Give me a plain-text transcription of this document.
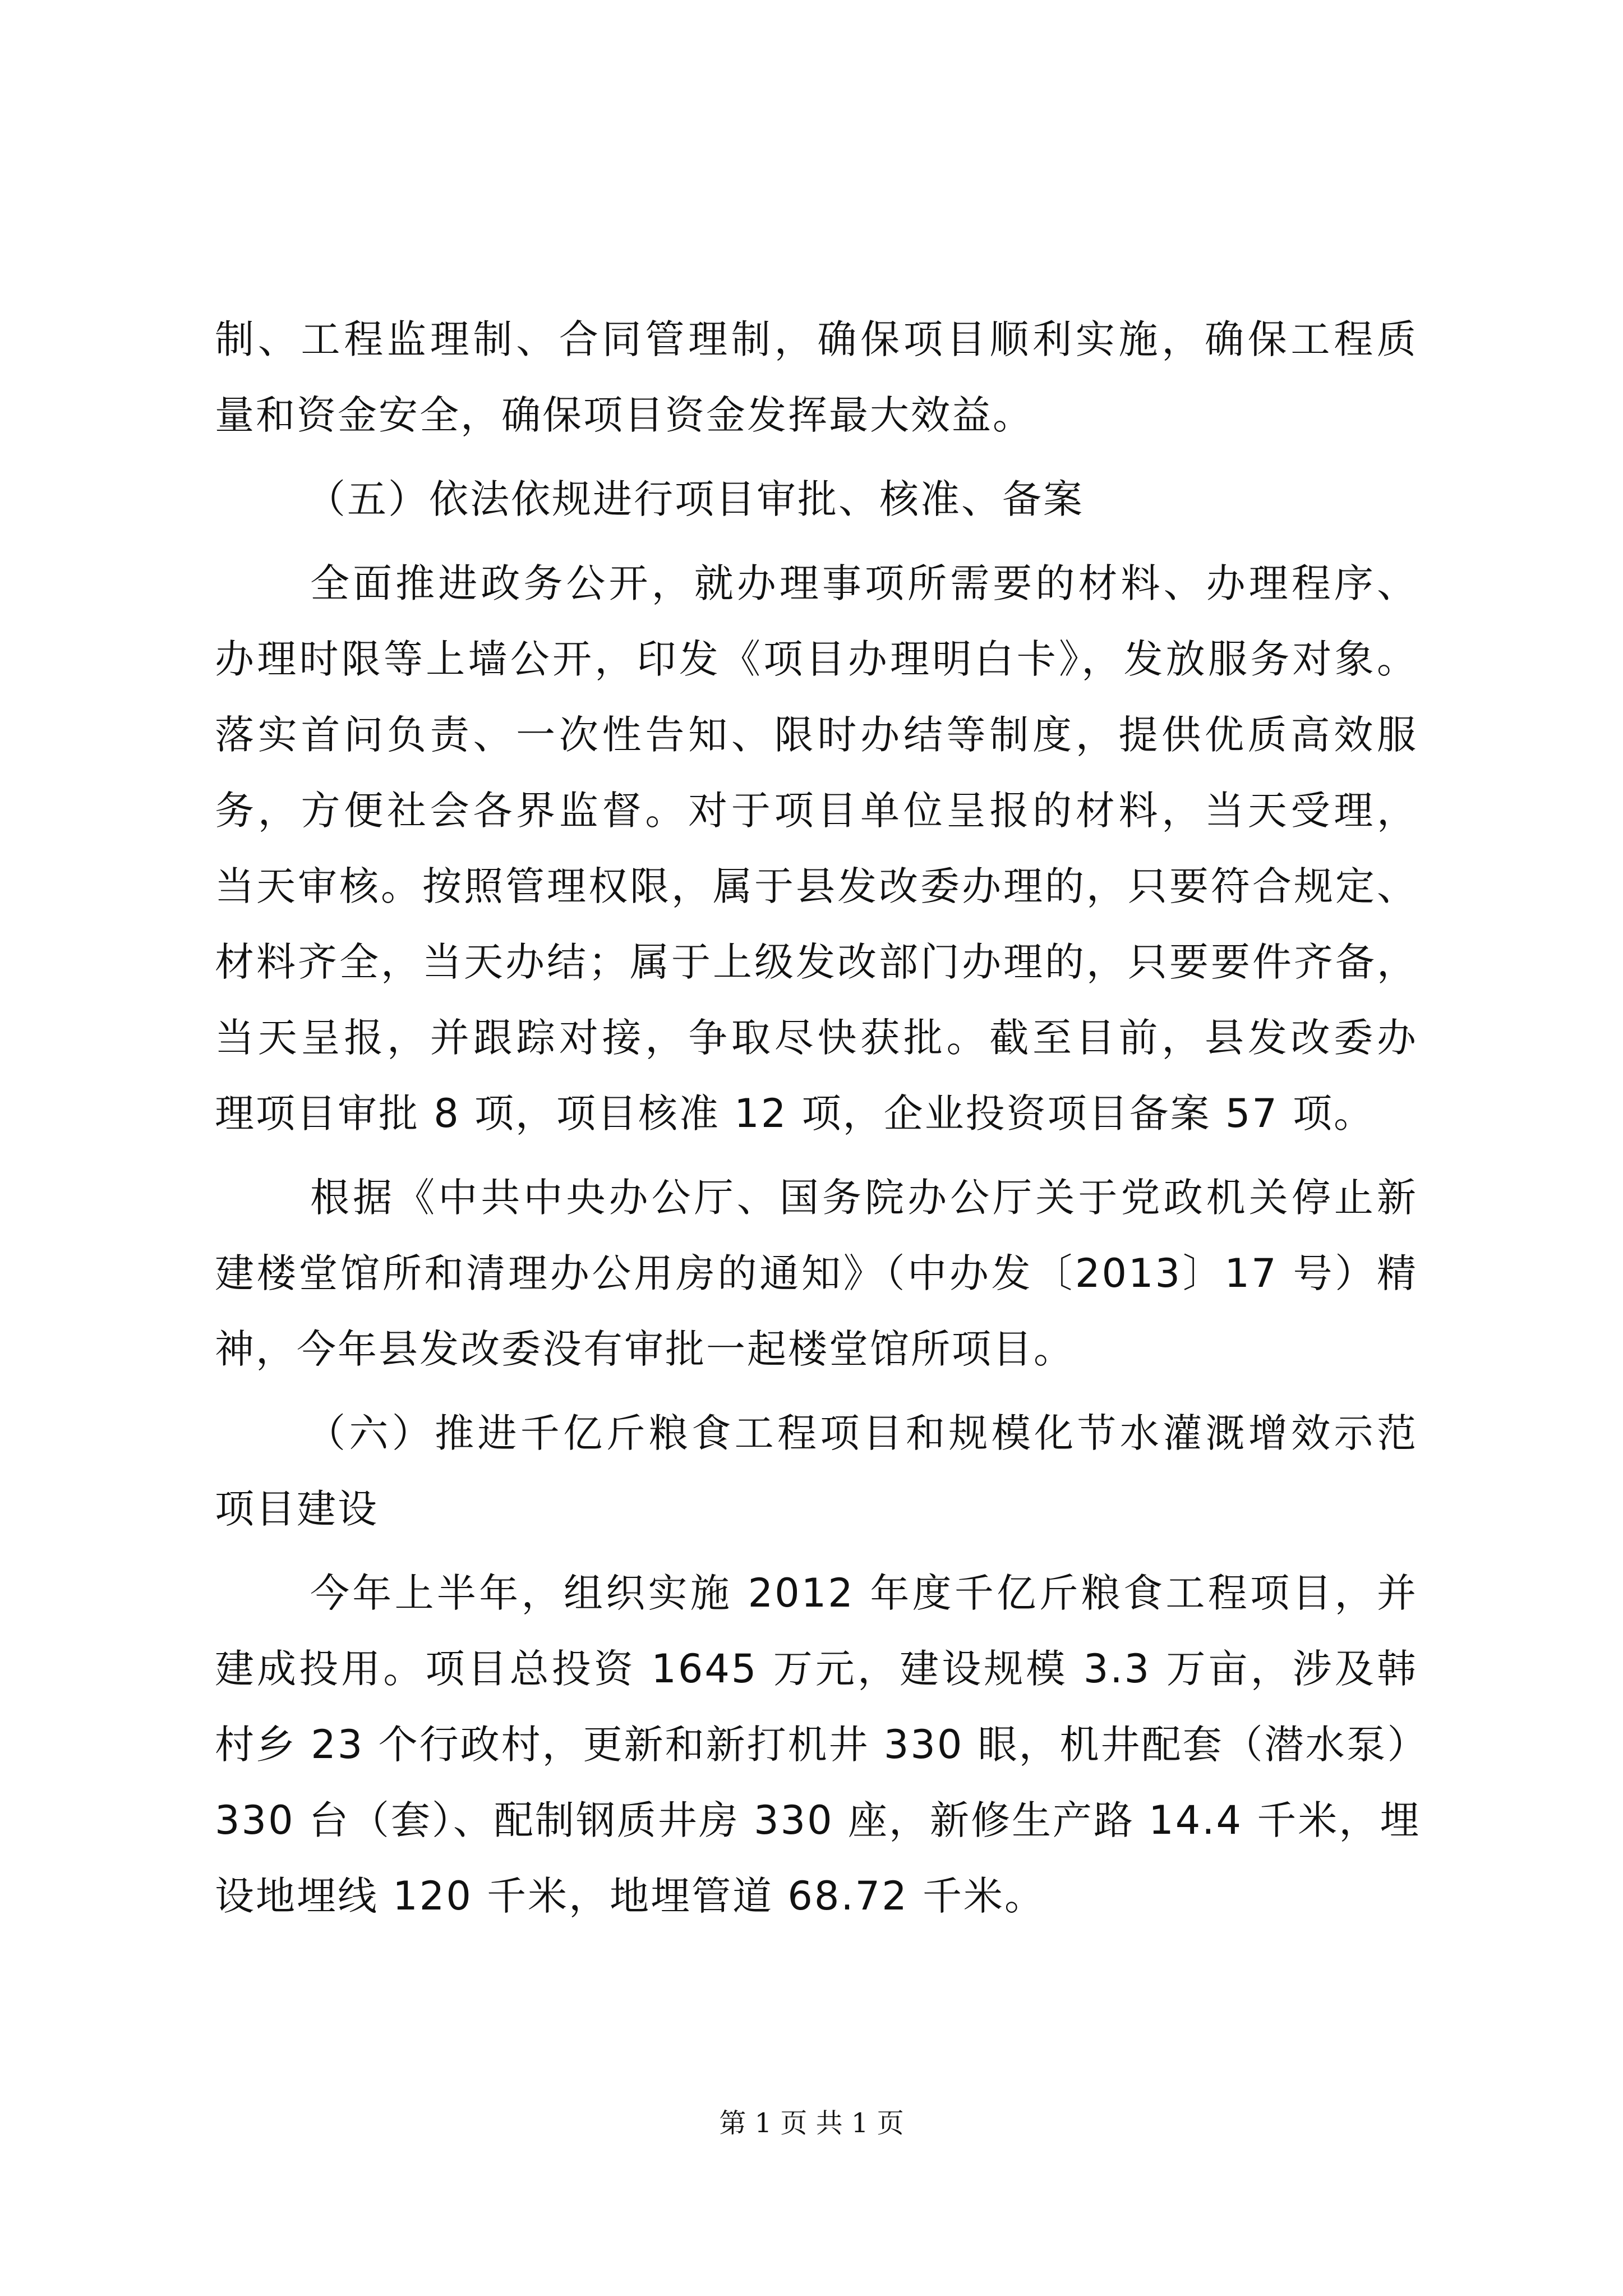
制、工程监理制、合同管理制，确保项目顺利实施，确保工程质
量和资金安全，确保项目资金发挥最大效益。
（五）依法依规进行项目审批、核准、备案
全面推进政务公开，就办理事项所需要的材料、办理程序、
办理时限等上墙公开，印发《项目办理明白卡》，发放服务对象。
落实首问负责、一次性告知、限时办结等制度，提供优质高效服
务，方便社会各界监督。对于项目单位呈报的材料，当天受理，
当天审核。按照管理权限，属于县发改委办理的，只要符合规定、
材料齐全，当天办结；属于上级发改部门办理的，只要要件齐备，
当天呈报，并跟踪对接，争取尽快获批。截至目前，县发改委办
理项目审批 8 项，项目核准 12 项，企业投资项目备案 57 项。
根据《中共中央办公厅、国务院办公厅关于党政机关停止新
建楼堂馆所和清理办公用房的通知》（中办发〔2013〕17 号）精
神，今年县发改委没有审批一起楼堂馆所项目。
（六）推进千亿斤粮食工程项目和规模化节水灌溉增效示范
项目建设
今年上半年，组织实施 2012 年度千亿斤粮食工程项目，并
建成投用。项目总投资 1645 万元，建设规模 3.3 万亩，涉及韩
村乡 23 个行政村，更新和新打机井 330 眼，机井配套（潜水泵）
330 台（套）、配制钢质井房 330 座，新修生产路 14.4 千米，埋
设地埋线 120 千米，地埋管道 68.72 千米。
第 1 页 共 1 页
